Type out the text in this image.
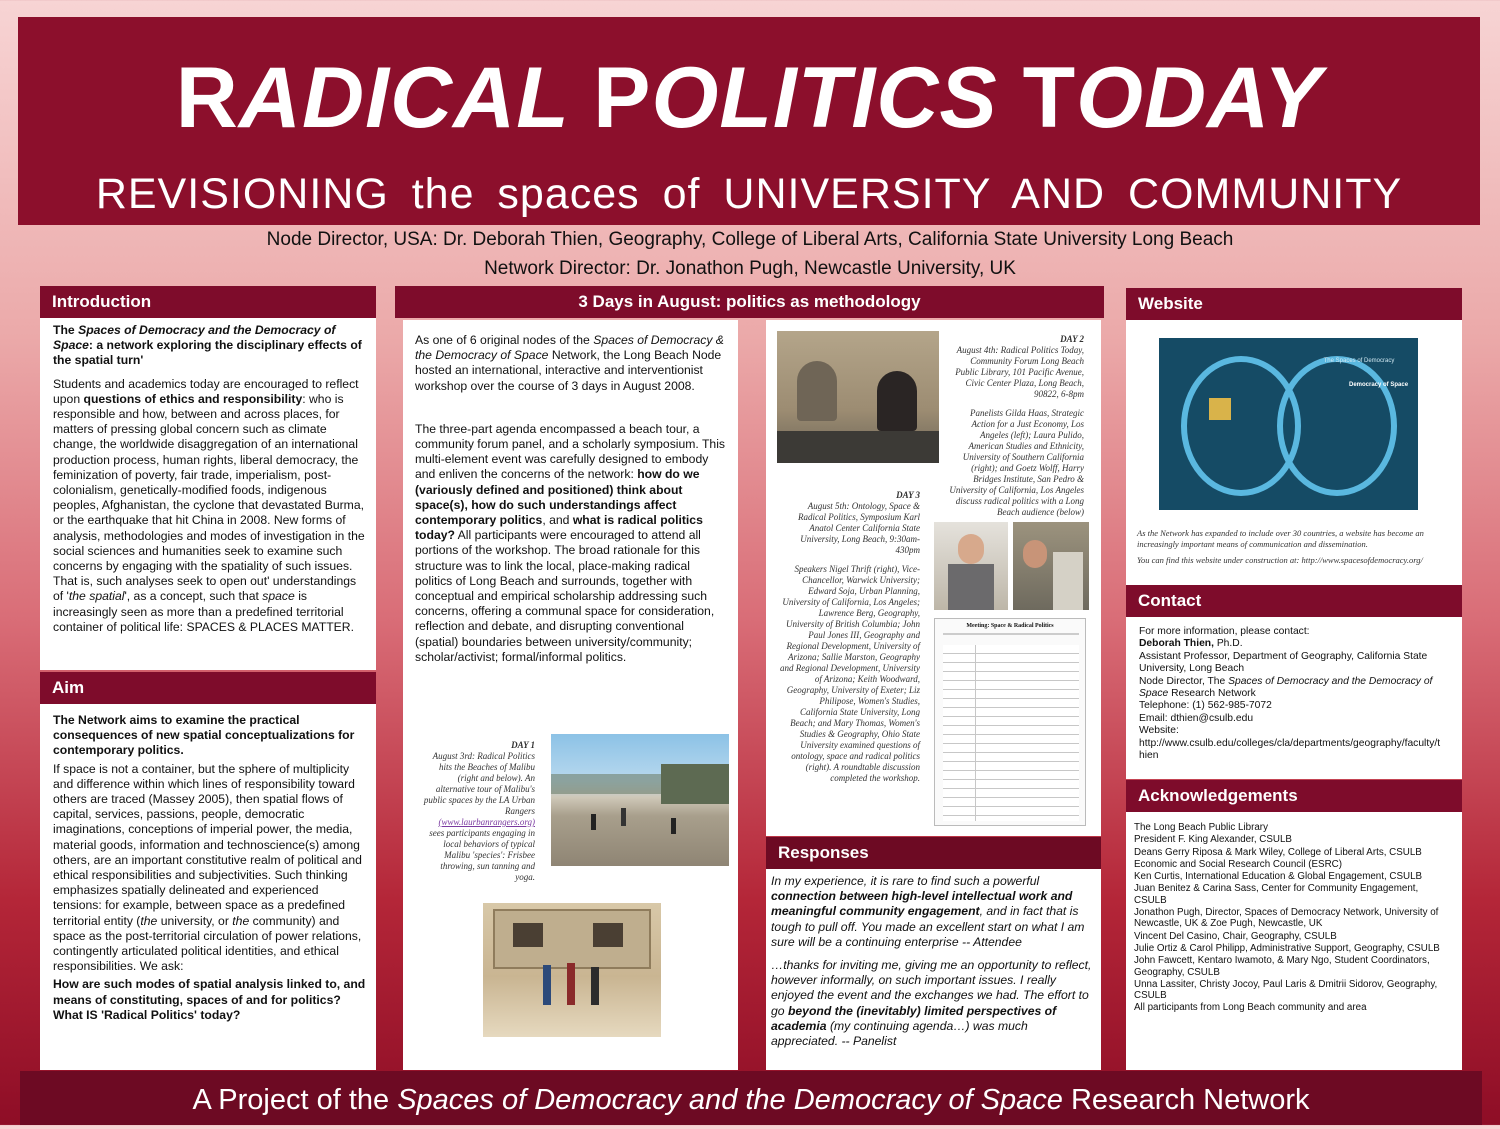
RADICAL POLITICS TODAY
REVISIONING the spaces of UNIVERSITY AND COMMUNITY
Node Director, USA: Dr. Deborah Thien, Geography, College of Liberal Arts, California State University Long Beach
Network Director: Dr. Jonathon Pugh, Newcastle University, UK
Introduction

The Spaces of Democracy and the Democracy of Space: a network exploring the disciplinary effects of the spatial turn'

Students and academics today are encouraged to reflect upon questions of ethics and responsibility: who is responsible and how, between and across places, for matters of pressing global concern such as climate change, the worldwide disaggregation of an international production process, human rights, liberal democracy, the feminization of poverty, fair trade, imperialism, post-colonialism, genetically-modified foods, indigenous peoples, Afghanistan, the cyclone that devastated Burma, or the earthquake that hit China in 2008. New forms of analysis, methodologies and modes of investigation in the social sciences and humanities seek to examine such concerns by engaging with the spatiality of such issues. That is, such analyses seek to open out' understandings of 'the spatial', as a concept, such that space is increasingly seen as more than a predefined territorial container of political life: SPACES & PLACES MATTER.

Aim

The Network aims to examine the practical consequences of new spatial conceptualizations for contemporary politics.

If space is not a container, but the sphere of multiplicity and difference within which lines of responsibility toward others are traced (Massey 2005), then spatial flows of capital, services, passions, people, democratic imaginations, conceptions of imperial power, the media, material goods, information and technoscience(s) among others, are an important constitutive realm of political and ethical responsibilities and subjectivities. Such thinking emphasizes spatially delineated and experienced tensions: for example, between space as a predefined territorial entity (the university, or the community) and space as the post-territorial circulation of power relations, contingently articulated political identities, and ethical responsibilities. We ask:

How are such modes of spatial analysis linked to, and means of constituting, spaces of and for politics? What IS 'Radical Politics' today?

3 Days in August: politics as methodology

As one of 6 original nodes of the Spaces of Democracy & the Democracy of Space Network, the Long Beach Node hosted an international, interactive and interventionist workshop over the course of 3 days in August 2008.

The three-part agenda encompassed a beach tour, a community forum panel, and a scholarly symposium. This multi-element event was carefully designed to embody and enliven the concerns of the network: how do we (variously defined and positioned) think about space(s), how do such understandings affect contemporary politics, and what is radical politics today? All participants were encouraged to attend all portions of the workshop. The broad rationale for this structure was to link the local, place-making radical politics of Long Beach and surrounds, together with conceptual and empirical scholarship addressing such concerns, offering a communal space for consideration, reflection and debate, and disrupting conventional (spatial) boundaries between university/community; scholar/activist; formal/informal politics.

DAY 1
August 3rd: Radical Politics hits the Beaches of Malibu (right and below). An alternative tour of Malibu's public spaces by the LA Urban Rangers (www.laurbanrangers.org) sees participants engaging in local behaviors of typical Malibu 'species': Frisbee throwing, sun tanning and yoga.
DAY 2
August 4th: Radical Politics Today, Community Forum Long Beach Public Library, 101 Pacific Avenue, Civic Center Plaza, Long Beach, 90822, 6-8pm
Panelists Gilda Haas, Strategic Action for a Just Economy, Los Angeles (left); Laura Pulido, American Studies and Ethnicity, University of Southern California (right); and Goetz Wolff, Harry Bridges Institute, San Pedro & University of California, Los Angeles discuss radical politics with a Long Beach audience (below)
DAY 3
August 5th: Ontology, Space & Radical Politics, Symposium Karl Anatol Center California State University, Long Beach, 9:30am-430pm
Speakers Nigel Thrift (right), Vice-Chancellor, Warwick University; Edward Soja, Urban Planning, University of California, Los Angeles; Lawrence Berg, Geography, University of British Columbia; John Paul Jones III, Geography and Regional Development, University of Arizona; Sallie Marston, Geography and Regional Development, University of Arizona; Keith Woodward, Geography, University of Exeter; Liz Philipose, Women's Studies, California State University, Long Beach; and Mary Thomas, Women's Studies & Geography, Ohio State University examined questions of ontology, space and radical politics (right). A roundtable discussion completed the workshop.
Meeting: Space & Radical Politics
Responses

In my experience, it is rare to find such a powerful connection between high-level intellectual work and meaningful community engagement, and in fact that is tough to pull off. You made an excellent start on what I am sure will be a continuing enterprise -- Attendee

…thanks for inviting me, giving me an opportunity to reflect, however informally, on such important issues. I really enjoyed the event and the exchanges we had. The effort to go beyond the (inevitably) limited perspectives of academia (my continuing agenda…) was much appreciated. -- Panelist

Website
The Spaces of Democracy
Democracy of Space
As the Network has expanded to include over 30 countries, a website has become an increasingly important means of communication and dissemination.
You can find this website under construction at: http://www.spacesofdemocracy.org/
Contact
For more information, please contact:
Deborah Thien, Ph.D.
Assistant Professor, Department of Geography, California State University, Long Beach
Node Director, The Spaces of Democracy and the Democracy of Space Research Network
Telephone: (1) 562-985-7072
Email: dthien@csulb.edu
Website:
http://www.csulb.edu/colleges/cla/departments/geography/faculty/thien
Acknowledgements
The Long Beach Public Library
President F. King Alexander, CSULB
Deans Gerry Riposa & Mark Wiley, College of Liberal Arts, CSULB
Economic and Social Research Council (ESRC)
Ken Curtis, International Education & Global Engagement, CSULB
Juan Benitez & Carina Sass, Center for Community Engagement, CSULB
Jonathon Pugh, Director, Spaces of Democracy Network, University of Newcastle, UK & Zoe Pugh, Newcastle, UK
Vincent Del Casino, Chair, Geography, CSULB
Julie Ortiz & Carol Philipp, Administrative Support, Geography, CSULB
John Fawcett, Kentaro Iwamoto, & Mary Ngo, Student Coordinators, Geography, CSULB
Unna Lassiter, Christy Jocoy, Paul Laris & Dmitrii Sidorov, Geography, CSULB
All participants from Long Beach community and area
A Project of the Spaces of Democracy and the Democracy of Space Research Network
